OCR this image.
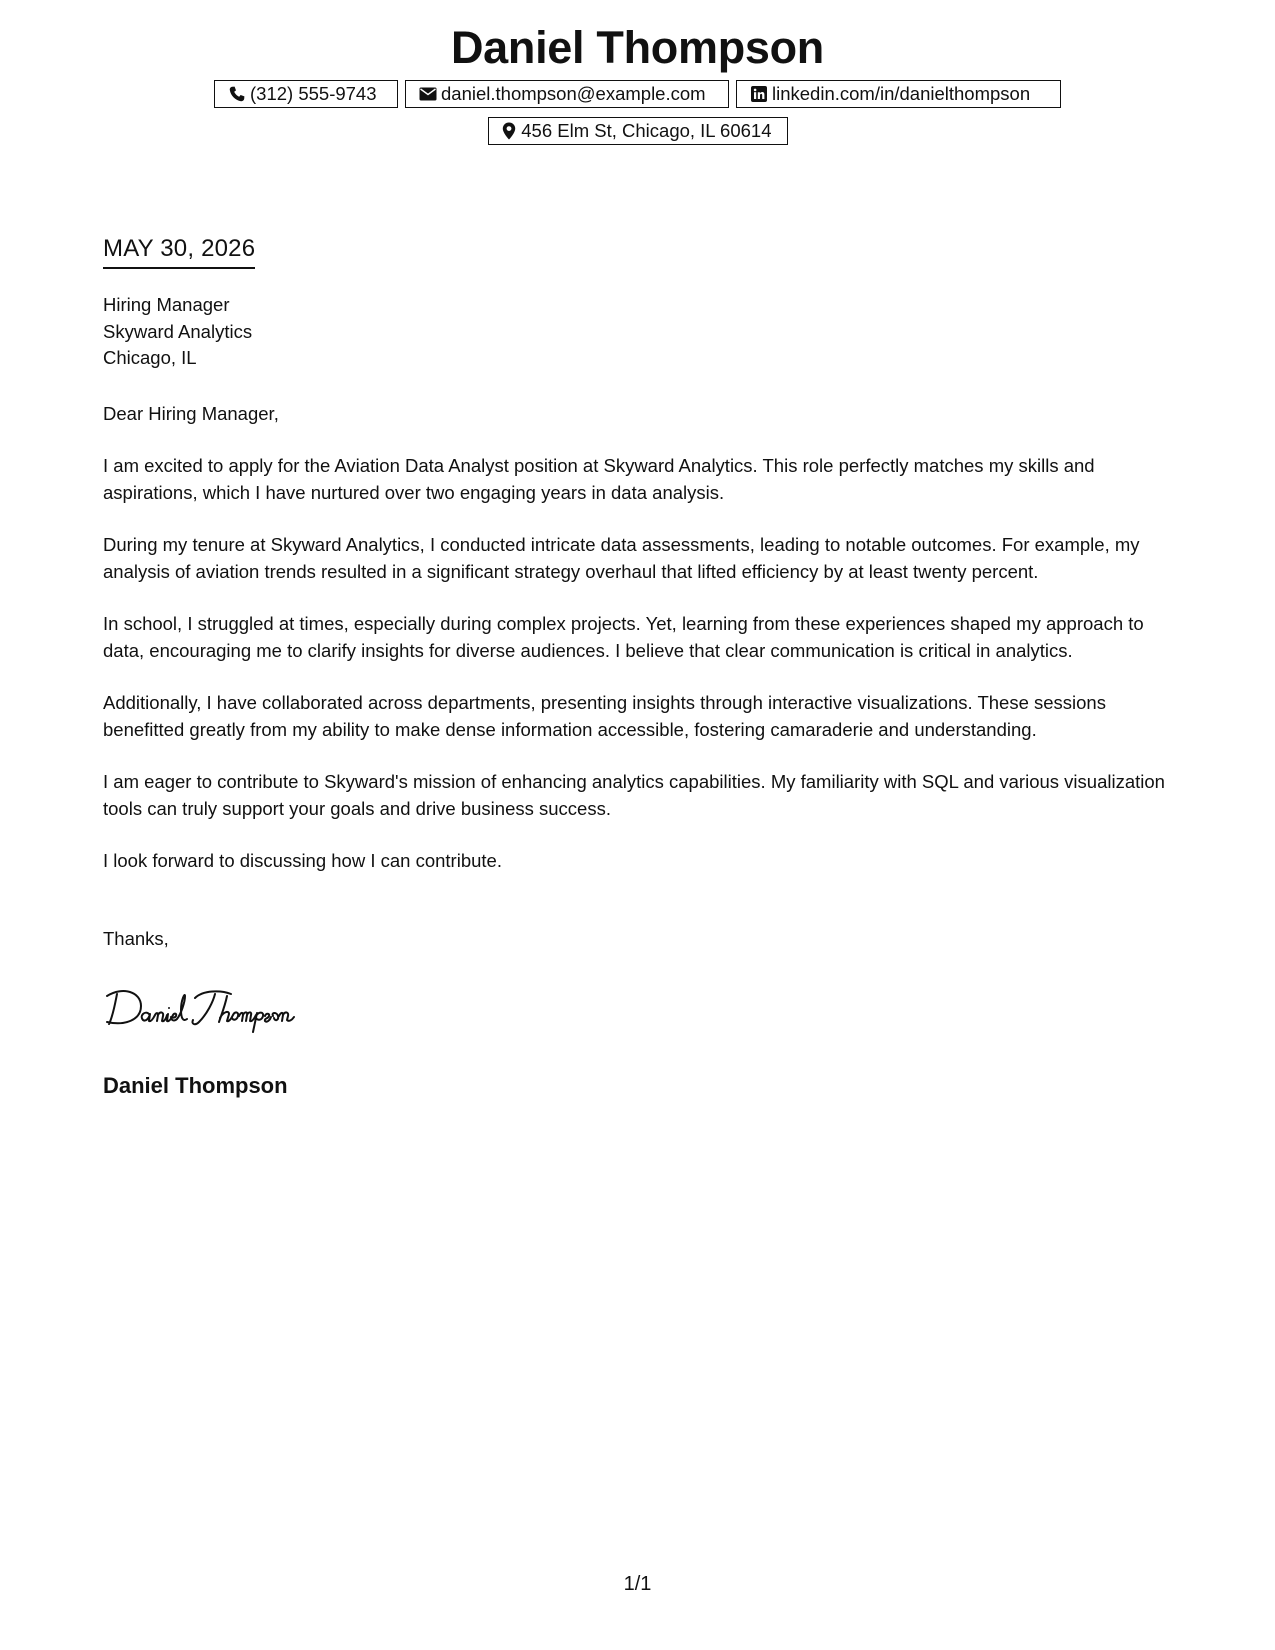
Daniel Thompson
(312) 555-9743	daniel.thompson@example.com	linkedin.com/in/danielthompson
456 Elm St, Chicago, IL 60614
MAY 30, 2026
Hiring Manager
Skyward Analytics
Chicago, IL
Dear Hiring Manager,
I am excited to apply for the Aviation Data Analyst position at Skyward Analytics. This role perfectly matches my skills and aspirations, which I have nurtured over two engaging years in data analysis.
During my tenure at Skyward Analytics, I conducted intricate data assessments, leading to notable outcomes. For example, my analysis of aviation trends resulted in a significant strategy overhaul that lifted efficiency by at least twenty percent.
In school, I struggled at times, especially during complex projects. Yet, learning from these experiences shaped my approach to data, encouraging me to clarify insights for diverse audiences. I believe that clear communication is critical in analytics.
Additionally, I have collaborated across departments, presenting insights through interactive visualizations. These sessions benefitted greatly from my ability to make dense information accessible, fostering camaraderie and understanding.
I am eager to contribute to Skyward's mission of enhancing analytics capabilities. My familiarity with SQL and various visualization tools can truly support your goals and drive business success.
I look forward to discussing how I can contribute.
Thanks,
Daniel Thompson
1/1
